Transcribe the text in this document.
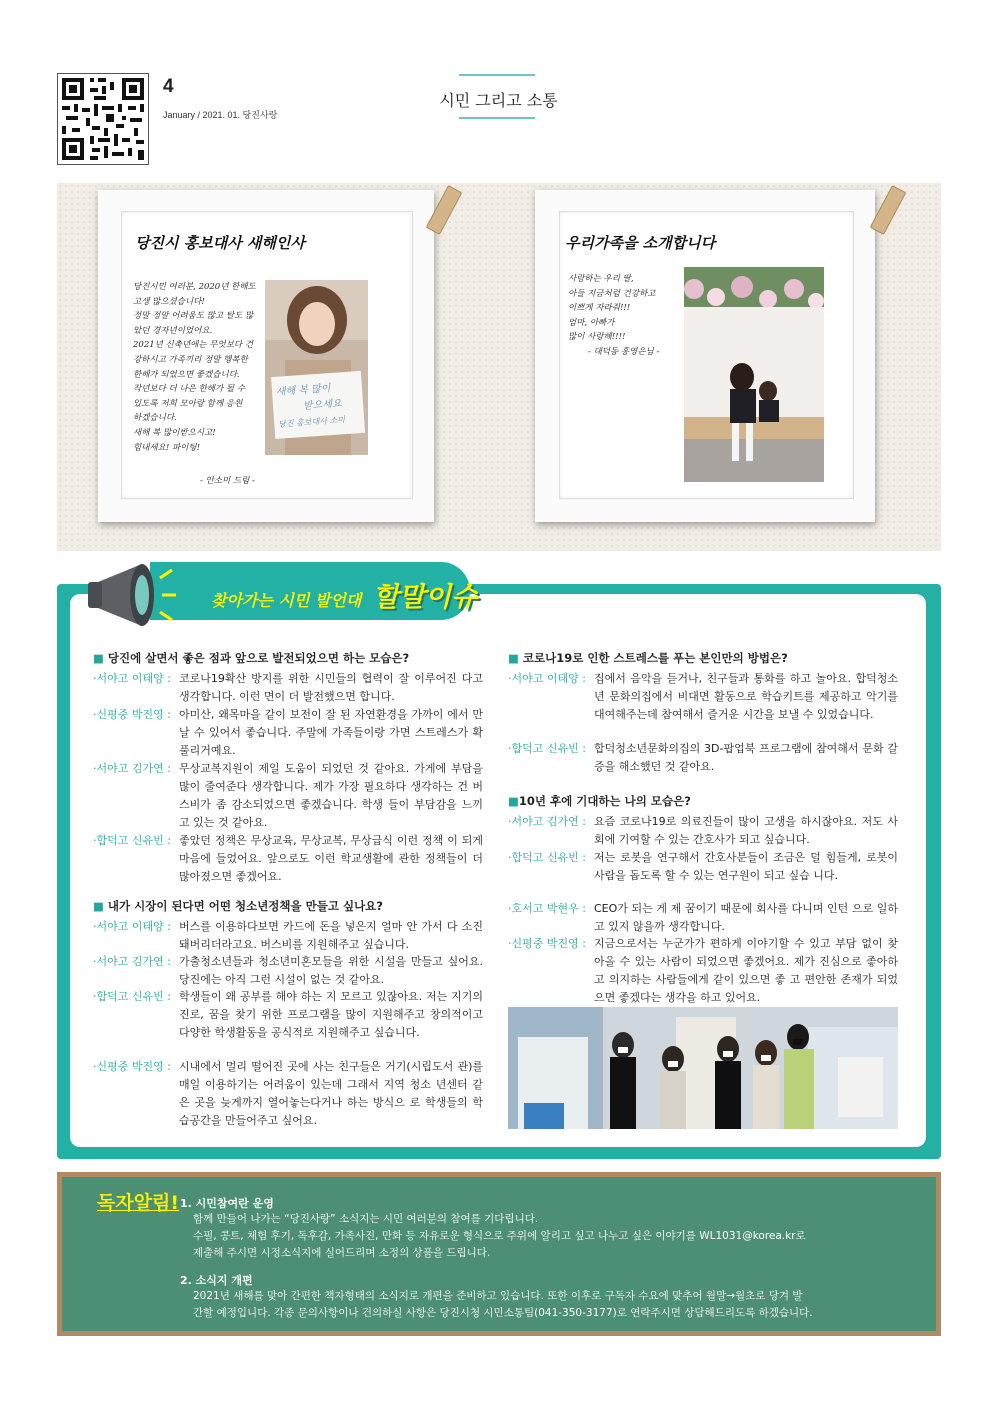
4
January / 2021. 01. 당진사랑
시민 그리고 소통
당진시 홍보대사 새해인사
당진시민 여러분, 2020년 한해도
고생 많으셨습니다!
정말 정말 어려움도 많고 탈도 많
았던 경자년이었어요.
2021년 신축년에는 무엇보다 건
강하시고 가족끼리 정말 행복한
한해가 되었으면 좋겠습니다.
작년보다 더 나은 한해가 될 수
있도록 저희 모아랑 함께 응원
하겠습니다.
새해 복 많이받으시고!
힘내세요! 파이팅!
- 안소미 드림 -
새해 복 많이
받으세요
당진 홍보대사 소미
우리가족을 소개합니다
사랑하는 우리 딸,
아들 지금처럼 건강하고
이쁘게 자라줘!!!
엄마, 아빠가
많이 사랑해!!!!
- 대덕동 홍영은님 -
찾아가는 시민 발언대 할말이슈
■ 당진에 살면서 좋은 점과 앞으로 발전되었으면 하는 모습은?
·서야고 이태양 : 코로나19확산 방지를 위한 시민들의 협력이 잘 이루어진 다고 생각합니다. 이런 면이 더 발전했으면 합니다.
·신평중 박진영 : 아미산, 왜목마을 같이 보전이 잘 된 자연환경을 가까이 에서 만날 수 있어서 좋습니다. 주말에 가족들이랑 가면 스트레스가 확 풀리거예요.
·서야고 김가연 : 무상교복지원이 제일 도움이 되었던 것 같아요. 가게에 부담을 많이 줄여준다 생각합니다. 제가 가장 필요하다 생각하는 건 버스비가 좀 감소되었으면 좋겠습니다. 학생 들이 부담감을 느끼고 있는 것 같아요.
·합덕고 신유빈 : 좋았던 정책은 무상교육, 무상교복, 무상급식 이런 정책 이 되게 마음에 들었어요. 앞으로도 이런 학교생활에 관한 정책들이 더 많아졌으면 좋겠어요.
■ 내가 시장이 된다면 어떤 청소년정책을 만들고 싶나요?
·서야고 이태양 : 버스를 이용하다보면 카드에 돈을 넣은지 얼마 안 가서 다 소진돼버리더라고요. 버스비를 지원해주고 싶습니다.
·서야고 김가연 : 가출청소년들과 청소년미혼모들을 위한 시설을 만들고 싶어요. 당진에는 아직 그런 시설이 없는 것 같아요.
·합덕고 신유빈 : 학생들이 왜 공부를 해야 하는 지 모르고 있잖아요. 저는 지기의 진로, 꿈을 찾기 위한 프로그램을 많이 지원해주고 창의적이고 다양한 학생활동을 공식적로 지원해주고 싶습니다.
·신평중 박진영 : 시내에서 멀리 떨어진 곳에 사는 친구들은 거기(시립도서 관)를 매일 이용하기는 어려움이 있는데 그래서 지역 청소 년센터 같은 곳을 늦게까지 열어놓는다거나 하는 방식으 로 학생들의 학습공간을 만들어주고 싶어요.
■ 코로나19로 인한 스트레스를 푸는 본인만의 방법은?
·서야고 이태양 : 집에서 음악을 듣거나, 친구들과 통화를 하고 놀아요. 합덕청소년 문화의집에서 비대면 활동으로 학습키트를 제공하고 악기를 대여해주는데 참여해서 즐거운 시간을 보낼 수 있었습니다.
·합덕고 신유빈 : 합덕청소년문화의집의 3D-팝업북 프로그램에 참여해서 문화 갈증을 해소했던 것 같아요.
■10년 후에 기대하는 나의 모습은?
·서야고 김가연 : 요즘 코로나19로 의료진들이 많이 고생을 하시잖아요. 저도 사회에 기여할 수 있는 간호사가 되고 싶습니다.
·합덕고 신유빈 : 저는 로봇을 연구해서 간호사분들이 조금은 덜 힘들게, 로봇이 사람을 돕도록 할 수 있는 연구원이 되고 싶습 니다.
·호서고 박현우 : CEO가 되는 게 제 꿈이기 때문에 회사를 다니며 인턴 으로 일하고 있지 않을까 생각합니다.
·신평중 박진영 : 지금으로서는 누군가가 편하게 이야기할 수 있고 부담 없이 찾아올 수 있는 사람이 되었으면 좋겠어요. 제가 진심으로 좋아하고 의지하는 사람들에게 같이 있으면 좋 고 편안한 존재가 되었으면 좋겠다는 생각을 하고 있어요.
독자알림! 1. 시민참여란 운영
함께 만들어 나가는 “당진사랑” 소식지는 시민 여러분의 참여를 기다립니다.
수필, 콩트, 체험 후기, 독후감, 가족사진, 만화 등 자유로운 형식으로 주위에 알리고 싶고 나누고 싶은 이야기를 WL1031@korea.kr로
제출해 주시면 시정소식지에 실어드리며 소정의 상품을 드립니다.
2. 소식지 개편
2021년 새해를 맞아 간편한 책자형태의 소식지로 개편을 준비하고 있습니다. 또한 이후로 구독자 수요에 맞추어 월말→월초로 당겨 발
간할 예정입니다. 각종 문의사항이나 건의하실 사항은 당진시청 시민소통팀(041-350-3177)로 연락주시면 상담해드리도록 하겠습니다.
